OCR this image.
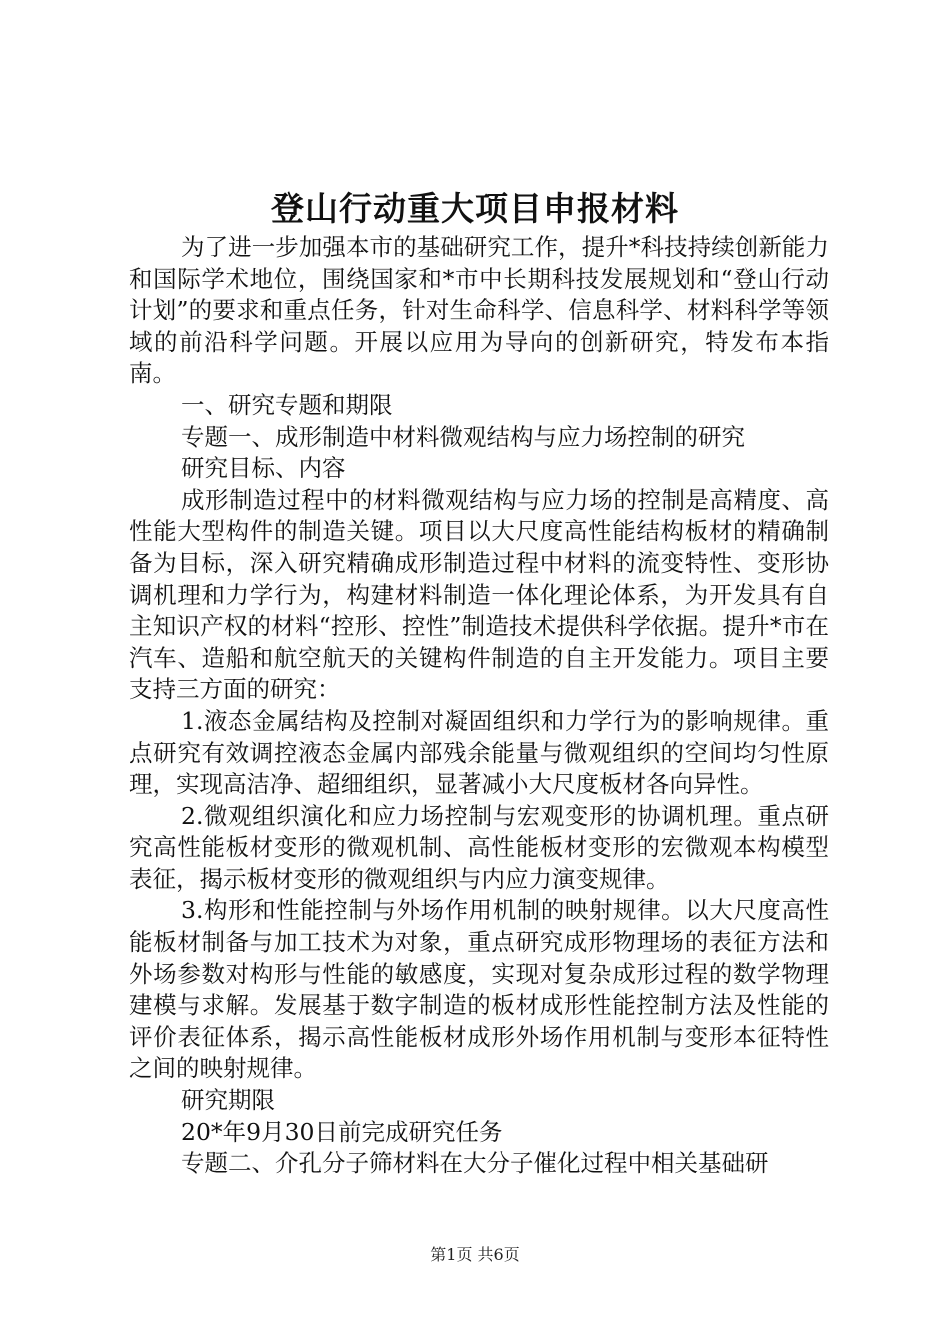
登山行动重大项目申报材料

为了进一步加强本市的基础研究工作，提升*科技持续创新能力和国际学术地位，围绕国家和*市中长期科技发展规划和“登山行动计划”的要求和重点任务，针对生命科学、信息科学、材料科学等领域的前沿科学问题。开展以应用为导向的创新研究，特发布本指南。

一、研究专题和期限

专题一、成形制造中材料微观结构与应力场控制的研究

研究目标、内容

成形制造过程中的材料微观结构与应力场的控制是高精度、高性能大型构件的制造关键。项目以大尺度高性能结构板材的精确制备为目标，深入研究精确成形制造过程中材料的流变特性、变形协调机理和力学行为，构建材料制造一体化理论体系，为开发具有自主知识产权的材料“控形、控性”制造技术提供科学依据。提升*市在汽车、造船和航空航天的关键构件制造的自主开发能力。项目主要支持三方面的研究：

1.液态金属结构及控制对凝固组织和力学行为的影响规律。重点研究有效调控液态金属内部残余能量与微观组织的空间均匀性原理，实现高洁净、超细组织，显著减小大尺度板材各向异性。

2.微观组织演化和应力场控制与宏观变形的协调机理。重点研究高性能板材变形的微观机制、高性能板材变形的宏微观本构模型表征，揭示板材变形的微观组织与内应力演变规律。

3.构形和性能控制与外场作用机制的映射规律。以大尺度高性能板材制备与加工技术为对象，重点研究成形物理场的表征方法和外场参数对构形与性能的敏感度，实现对复杂成形过程的数学物理建模与求解。发展基于数字制造的板材成形性能控制方法及性能的评价表征体系，揭示高性能板材成形外场作用机制与变形本征特性之间的映射规律。

研究期限

20*年9月30日前完成研究任务

专题二、介孔分子筛材料在大分子催化过程中相关基础研

第1页 共6页
